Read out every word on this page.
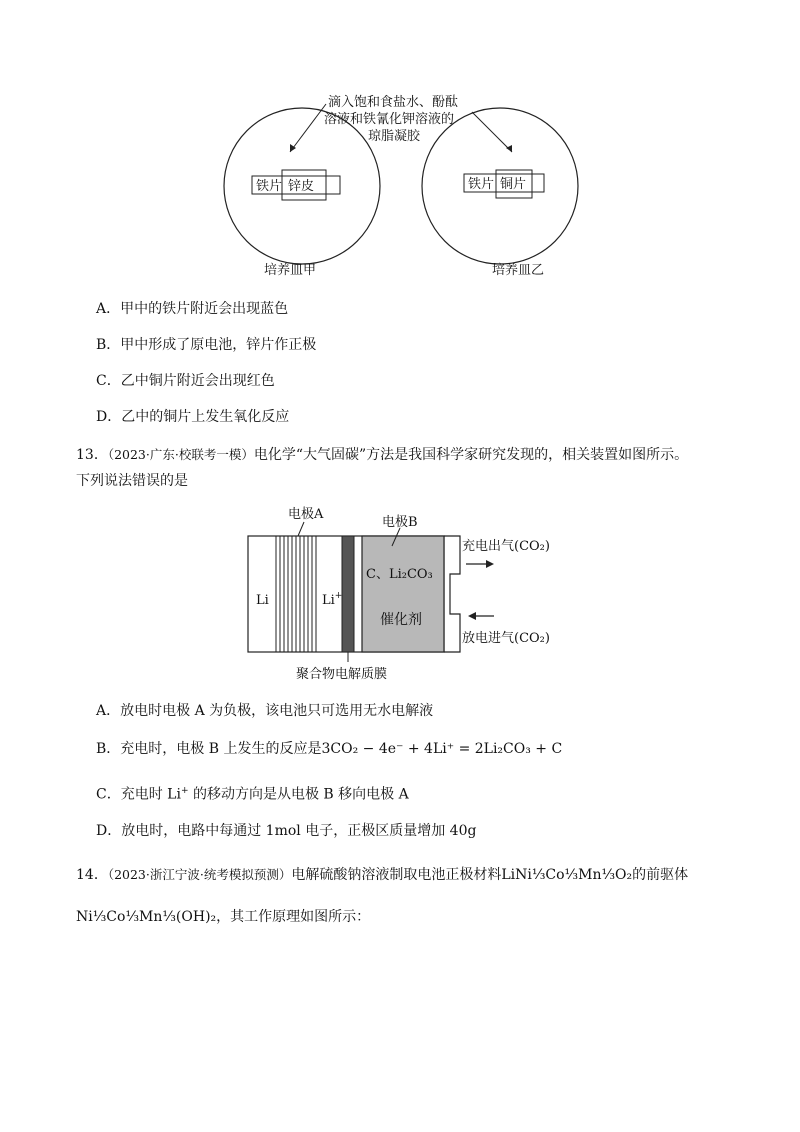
铁片 锌皮	铁片 铜片
滴入饱和食盐水、酚酞
溶液和铁氰化钾溶液的
琼脂凝胶
培养皿甲	培养皿乙
A．甲中的铁片附近会出现蓝色
B．甲中形成了原电池，锌片作正极
C．乙中铜片附近会出现红色
D．乙中的铜片上发生氧化反应
13．（2023·广东·校联考一模）电化学“大气固碳”方法是我国科学家研究发现的，相关装置如图所示。
下列说法错误的是
电极A
电极B
Li	Li+
C、Li₂CO₃
催化剂
充电出气(CO₂)
放电进气(CO₂)
聚合物电解质膜
A．放电时电极 A 为负极，该电池只可选用无水电解液
B．充电时，电极 B 上发生的反应是3CO₂ − 4e⁻ + 4Li⁺ = 2Li₂CO₃ + C
C．充电时 Li+ 的移动方向是从电极 B 移向电极 A
D．放电时，电路中每通过 1mol 电子，正极区质量增加 40g
14．（2023·浙江宁波·统考模拟预测）电解硫酸钠溶液制取电池正极材料LiNi⅓Co⅓Mn⅓O₂的前驱体
Ni⅓Co⅓Mn⅓(OH)₂，其工作原理如图所示：
